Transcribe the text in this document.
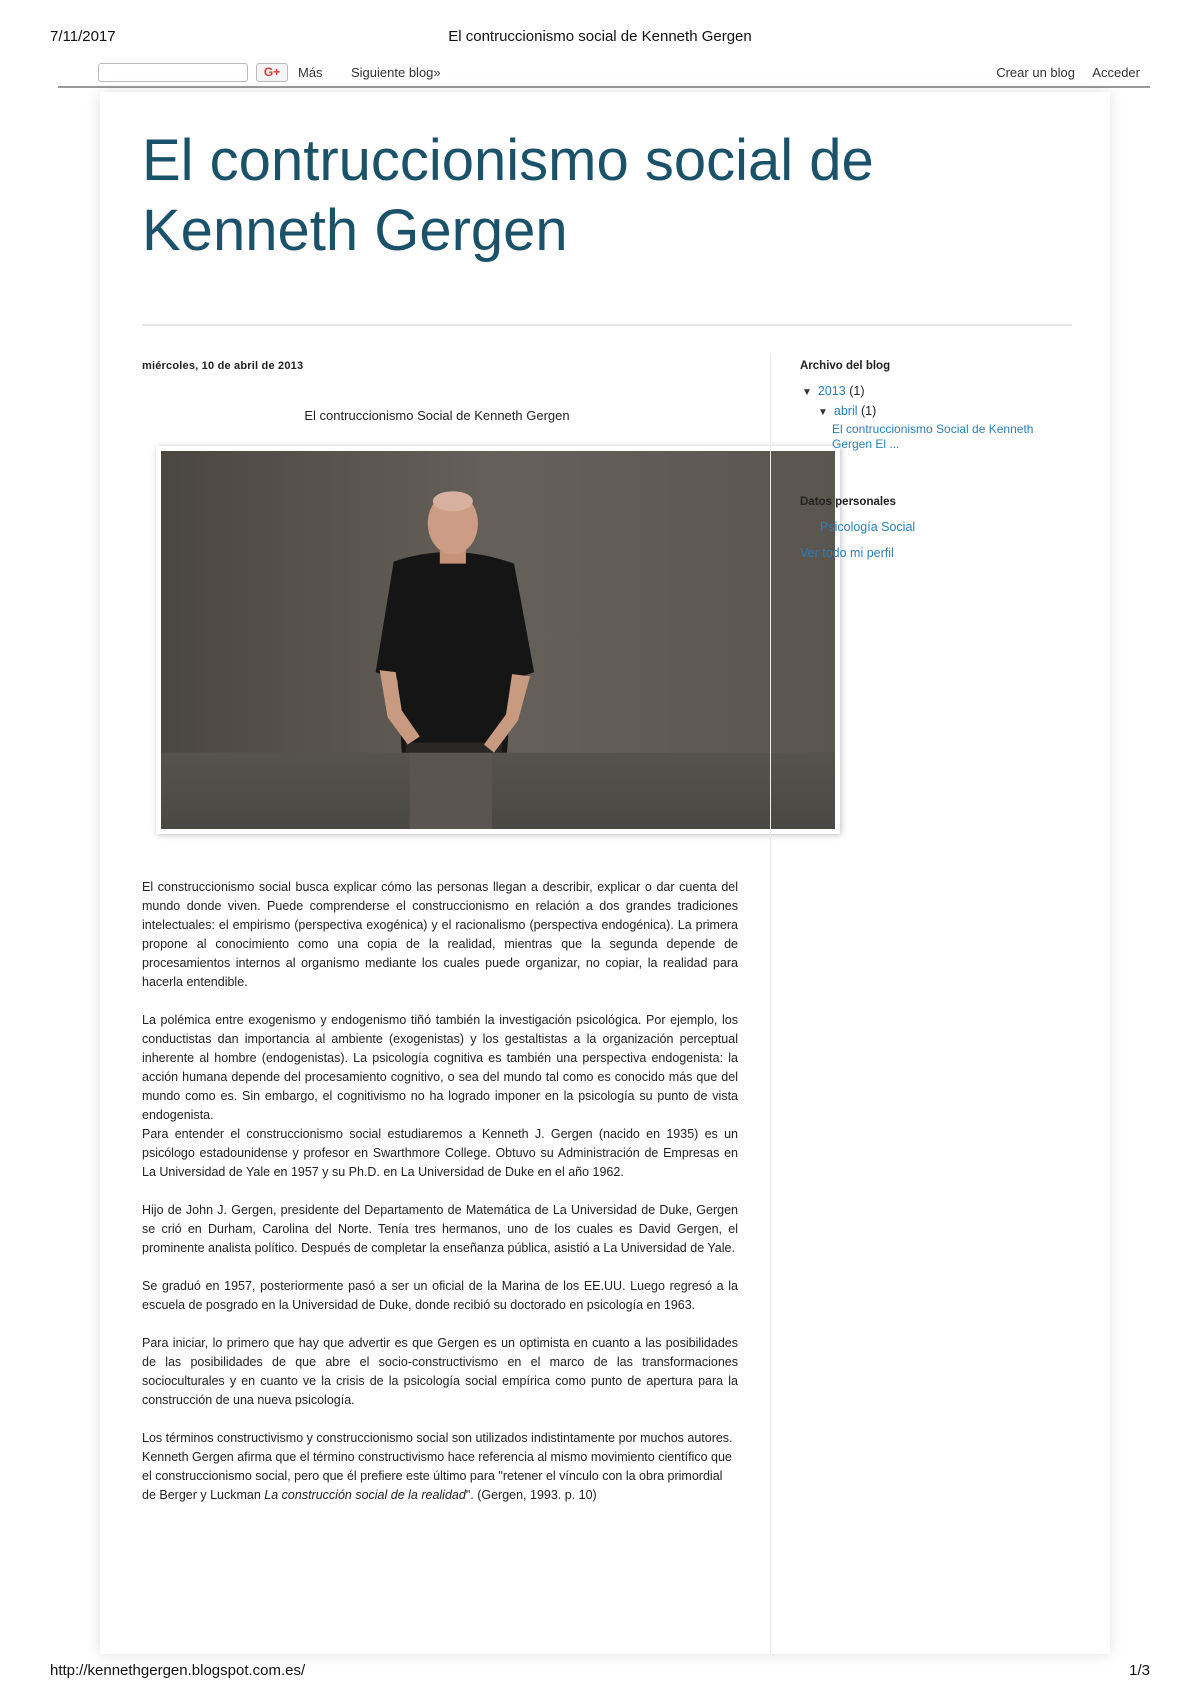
7/11/2017	El contruccionismo social de Kenneth Gergen
G+	Más Siguiente blog»	Crear un blog Acceder
El contruccionismo social de Kenneth Gergen
miércoles, 10 de abril de 2013
El contruccionismo Social de Kenneth Gergen

El construccionismo social busca explicar cómo las personas llegan a describir, explicar o dar cuenta del mundo donde viven. Puede comprenderse el construccionismo en relación a dos grandes tradiciones intelectuales: el empirismo (perspectiva exogénica) y el racionalismo (perspectiva endogénica). La primera propone al conocimiento como una copia de la realidad, mientras que la segunda depende de procesamientos internos al organismo mediante los cuales puede organizar, no copiar, la realidad para hacerla entendible.

La polémica entre exogenismo y endogenismo tiñó también la investigación psicológica. Por ejemplo, los conductistas dan importancia al ambiente (exogenistas) y los gestaltistas a la organización perceptual inherente al hombre (endogenistas). La psicología cognitiva es también una perspectiva endogenista: la acción humana depende del procesamiento cognitivo, o sea del mundo tal como es conocido más que del mundo como es. Sin embargo, el cognitivismo no ha logrado imponer en la psicología su punto de vista endogenista.

Para entender el construccionismo social estudiaremos a Kenneth J. Gergen (nacido en 1935) es un psicólogo estadounidense y profesor en Swarthmore College. Obtuvo su Administración de Empresas en La Universidad de Yale en 1957 y su Ph.D. en La Universidad de Duke en el año 1962.

Hijo de John J. Gergen, presidente del Departamento de Matemática de La Universidad de Duke, Gergen se crió en Durham, Carolina del Norte. Tenía tres hermanos, uno de los cuales es David Gergen, el prominente analista político. Después de completar la enseñanza pública, asistió a La Universidad de Yale.

Se graduó en 1957, posteriormente pasó a ser un oficial de la Marina de los EE.UU. Luego regresó a la escuela de posgrado en la Universidad de Duke, donde recibió su doctorado en psicología en 1963.

Para iniciar, lo primero que hay que advertir es que Gergen es un optimista en cuanto a las posibilidades de las posibilidades de que abre el socio-constructivismo en el marco de las transformaciones socioculturales y en cuanto ve la crisis de la psicología social empírica como punto de apertura para la construcción de una nueva psicología.

Los términos constructivismo y construccionismo social son utilizados indistintamente por muchos autores. Kenneth Gergen afirma que el término constructivismo hace referencia al mismo movimiento científico que el construccionismo social, pero que él prefiere este último para "retener el vínculo con la obra primordial de Berger y Luckman La construcción social de la realidad". (Gergen, 1993. p. 10)

Archivo del blog
▼ 2013 (1)
▼ abril (1)
El contruccionismo Social de Kenneth Gergen El ...
Datos personales
Psicología Social
Ver todo mi perfil
http://kennethgergen.blogspot.com.es/	1/3
